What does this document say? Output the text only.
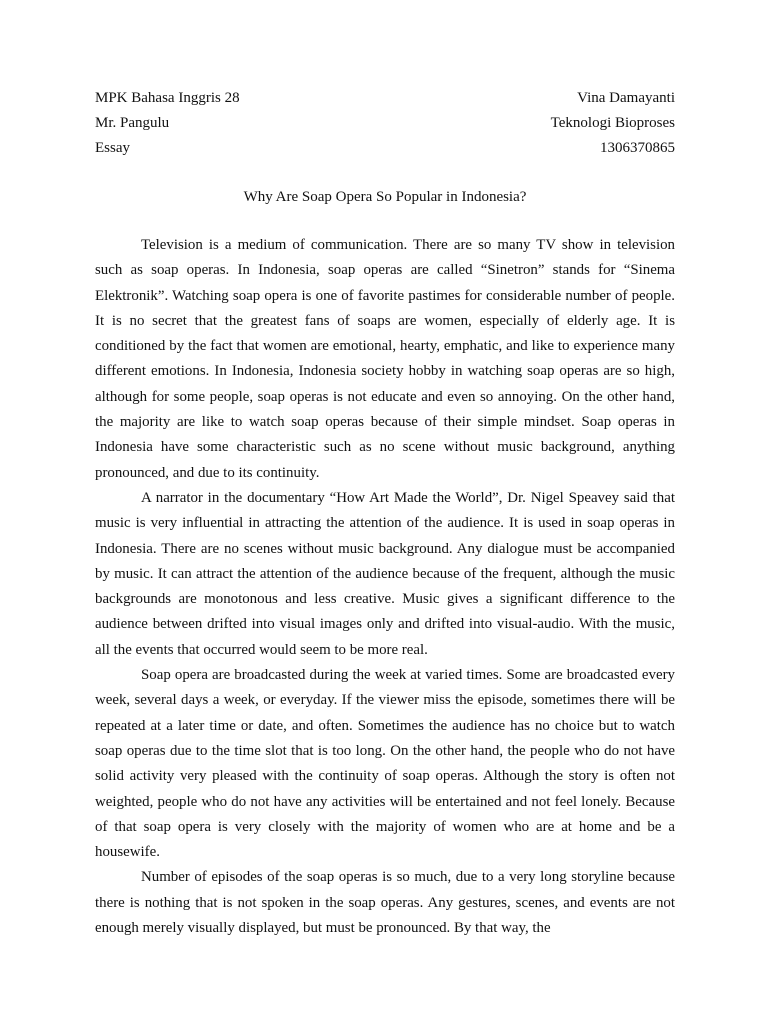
MPK Bahasa Inggris 28	Vina Damayanti
Mr. Pangulu	Teknologi Bioproses
Essay	1306370865
Why Are Soap Opera So Popular in Indonesia?

Television is a medium of communication. There are so many TV show in television such as soap operas. In Indonesia, soap operas are called “Sinetron” stands for “Sinema Elektronik”. Watching soap opera is one of favorite pastimes for considerable number of people. It is no secret that the greatest fans of soaps are women, especially of elderly age. It is conditioned by the fact that women are emotional, hearty, emphatic, and like to experience many different emotions. In Indonesia, Indonesia society hobby in watching soap operas are so high, although for some people, soap operas is not educate and even so annoying. On the other hand, the majority are like to watch soap operas because of their simple mindset. Soap operas in Indonesia have some characteristic such as no scene without music background, anything pronounced, and due to its continuity.

A narrator in the documentary “How Art Made the World”, Dr. Nigel Speavey said that music is very influential in attracting the attention of the audience. It is used in soap operas in Indonesia. There are no scenes without music background. Any dialogue must be accompanied by music. It can attract the attention of the audience because of the frequent, although the music backgrounds are monotonous and less creative. Music gives a significant difference to the audience between drifted into visual images only and drifted into visual-audio. With the music, all the events that occurred would seem to be more real.

Soap opera are broadcasted during the week at varied times. Some are broadcasted every week, several days a week, or everyday. If the viewer miss the episode, sometimes there will be repeated at a later time or date, and often. Sometimes the audience has no choice but to watch soap operas due to the time slot that is too long. On the other hand, the people who do not have solid activity very pleased with the continuity of soap operas. Although the story is often not weighted, people who do not have any activities will be entertained and not feel lonely. Because of that soap opera is very closely with the majority of women who are at home and be a housewife.

Number of episodes of the soap operas is so much, due to a very long storyline because there is nothing that is not spoken in the soap operas. Any gestures, scenes, and events are not enough merely visually displayed, but must be pronounced. By that way, the
